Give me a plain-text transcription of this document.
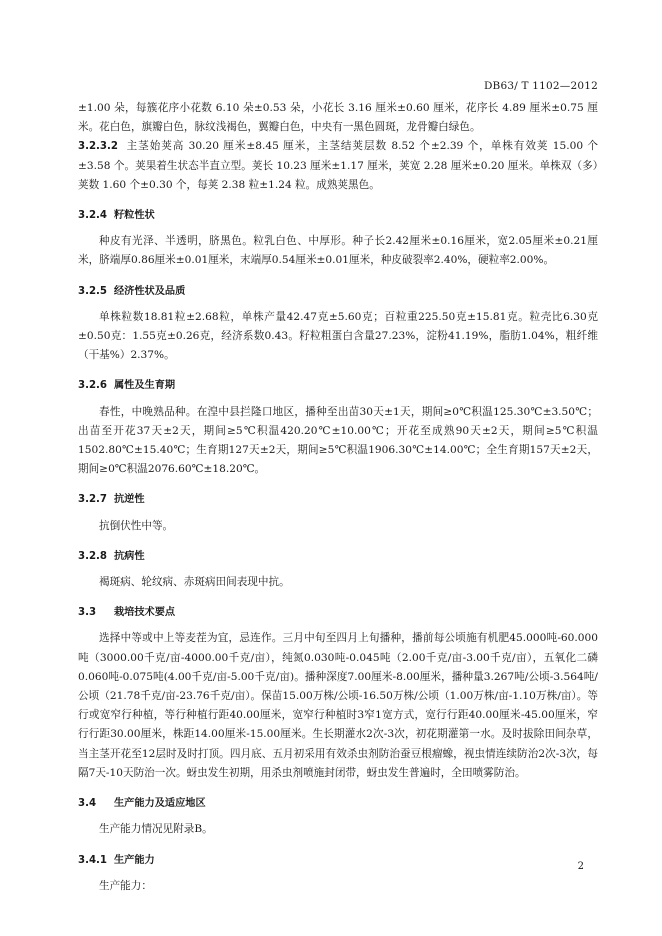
DB63/ T 1102—2012

±1.00 朵，每簇花序小花数 6.10 朵±0.53 朵，小花长 3.16 厘米±0.60 厘米，花序长 4.89 厘米±0.75 厘米。花白色，旗瓣白色，脉纹浅褐色，翼瓣白色，中央有一黑色圆斑，龙骨瓣白绿色。

3.2.3.2 主茎始荚高 30.20 厘米±8.45 厘米，主茎结荚层数 8.52 个±2.39 个，单株有效荚 15.00 个±3.58 个。荚果着生状态半直立型。荚长 10.23 厘米±1.17 厘米，荚宽 2.28 厘米±0.20 厘米。单株双（多）荚数 1.60 个±0.30 个，每荚 2.38 粒±1.24 粒。成熟荚黑色。

3.2.4 籽粒性状

种皮有光泽、半透明，脐黑色。粒乳白色、中厚形。种子长2.42厘米±0.16厘米，宽2.05厘米±0.21厘米，脐端厚0.86厘米±0.01厘米，末端厚0.54厘米±0.01厘米，种皮破裂率2.40%，硬粒率2.00%。

3.2.5 经济性状及品质

单株粒数18.81粒±2.68粒，单株产量42.47克±5.60克；百粒重225.50克±15.81克。粒壳比6.30克±0.50克：1.55克±0.26克，经济系数0.43。籽粒粗蛋白含量27.23%，淀粉41.19%，脂肪1.04%，粗纤维（干基%）2.37%。

3.2.6 属性及生育期

春性，中晚熟品种。在湟中县拦隆口地区，播种至出苗30天±1天，期间≥0℃积温125.30℃±3.50℃；出苗至开花37天±2天，期间≥5℃积温420.20℃±10.00℃；开花至成熟90天±2天，期间≥5℃积温1502.80℃±15.40℃；生育期127天±2天，期间≥5℃积温1906.30℃±14.00℃；全生育期157天±2天，期间≥0℃积温2076.60℃±18.20℃。

3.2.7 抗逆性

抗倒伏性中等。

3.2.8 抗病性

褐斑病、轮纹病、赤斑病田间表现中抗。

3.3 栽培技术要点

选择中等或中上等麦茬为宜，忌连作。三月中旬至四月上旬播种，播前每公顷施有机肥45.000吨-60.000吨（3000.00千克/亩-4000.00千克/亩），纯氮0.030吨-0.045吨（2.00千克/亩-3.00千克/亩），五氧化二磷 0.060吨-0.075吨(4.00千克/亩-5.00千克/亩)。播种深度7.00厘米-8.00厘米，播种量3.267吨/公顷-3.564吨/公顷（21.78千克/亩-23.76千克/亩）。保苗15.00万株/公顷-16.50万株/公顷（1.00万株/亩-1.10万株/亩）。等行或宽窄行种植，等行种植行距40.00厘米，宽窄行种植时3窄1宽方式，宽行行距40.00厘米-45.00厘米，窄行行距30.00厘米，株距14.00厘米-15.00厘米。生长期灌水2次-3次，初花期灌第一水。及时拔除田间杂草，当主茎开花至12层时及时打顶。四月底、五月初采用有效杀虫剂防治蚕豆根瘤蟓，视虫情连续防治2次-3次，每隔7天-10天防治一次。蚜虫发生初期，用杀虫剂喷施封闭带，蚜虫发生普遍时，全田喷雾防治。

3.4 生产能力及适应地区

生产能力情况见附录B。

3.4.1 生产能力

生产能力：

2
